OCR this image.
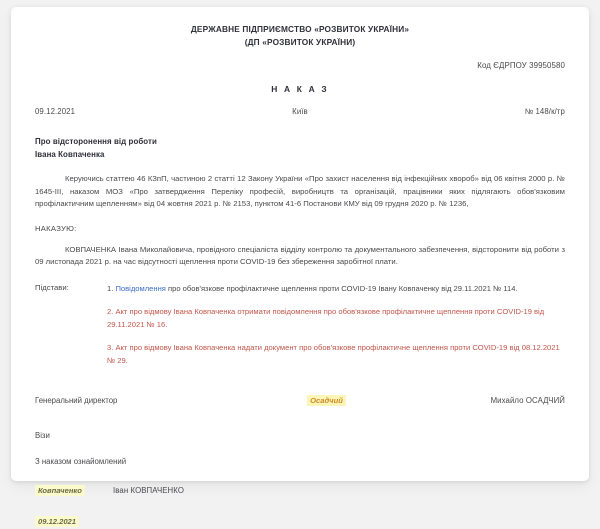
ДЕРЖАВНЕ ПІДПРИЄМСТВО «РОЗВИТОК УКРАЇНИ»
(ДП «РОЗВИТОК УКРАЇНИ)
Код ЄДРПОУ 39950580
Н А К А З
09.12.2021	Київ	№ 148/к/тр
Про відсторонення від роботи
Івана Ковпаченка
Керуючись статтею 46 КЗпП, частиною 2 статті 12 Закону України «Про захист населення від інфекційних хвороб» від 06 квітня 2000 р. № 1645-III, наказом МОЗ «Про затвердження Переліку професій, виробництв та організацій, працівники яких підлягають обов'язковим профілактичним щепленням» від 04 жовтня 2021 р. № 2153, пунктом 41-6 Постанови КМУ від 09 грудня 2020 р. № 1236,
НАКАЗУЮ:
КОВПАЧЕНКА Івана Миколайовича, провідного спеціаліста відділу контролю та документального забезпечення, відсторонити від роботи з 09 листопада 2021 р. на час відсутності щеплення проти COVID-19 без збереження заробітної плати.
Підстави:	1. Повідомлення про обов'язкове профілактичне щеплення проти COVID-19 Івану Ковпаченку від 29.11.2021 № 114.
2. Акт про відмову Івана Ковпаченка отримати повідомлення про обов'язкове профілактичне щеплення проти COVID-19 від 29.11.2021 № 16.
3. Акт про відмову Івана Ковпаченка надати документ про обов'язкове профілактичне щеплення проти COVID-19 від 08.12.2021 № 29.
Генеральний директор	Осадчий	Михайло ОСАДЧИЙ
Візи
З наказом ознайомлений
Ковпаченко	Іван КОВПАЧЕНКО
09.12.2021
